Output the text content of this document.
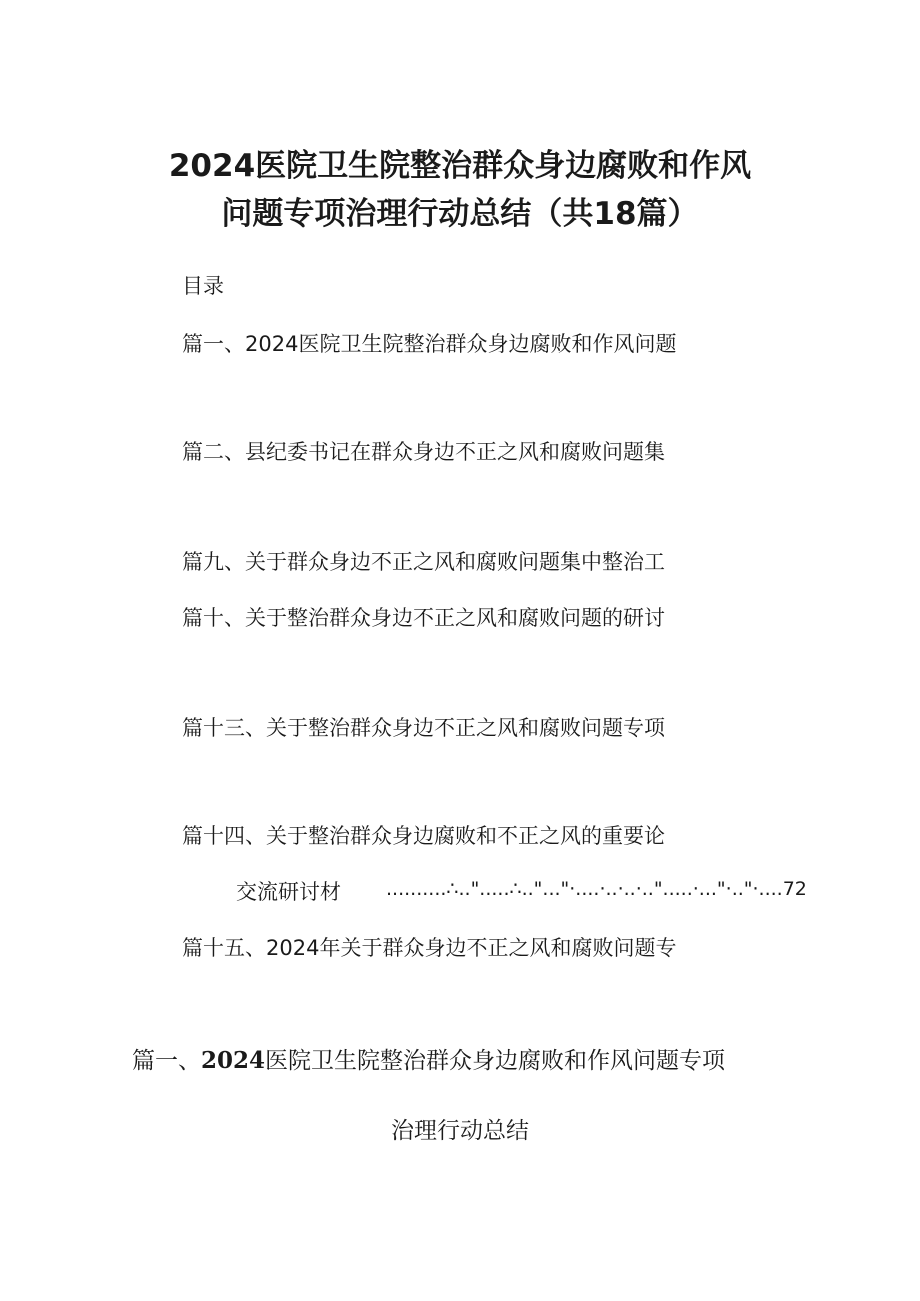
2024医院卫生院整治群众身边腐败和作风
问题专项治理行动总结（共18篇）
目录
篇一、2024医院卫生院整治群众身边腐败和作风问题
篇二、县纪委书记在群众身边不正之风和腐败问题集
篇九、关于群众身边不正之风和腐败问题集中整治工
篇十、关于整治群众身边不正之风和腐败问题的研讨
篇十三、关于整治群众身边不正之风和腐败问题专项
篇十四、关于整治群众身边腐败和不正之风的重要论
交流研讨材 ..........∴..".....∴.."..."·....·..·..·..".....·..."·.."·....72
篇十五、2024年关于群众身边不正之风和腐败问题专
篇一、2024医院卫生院整治群众身边腐败和作风问题专项
治理行动总结
